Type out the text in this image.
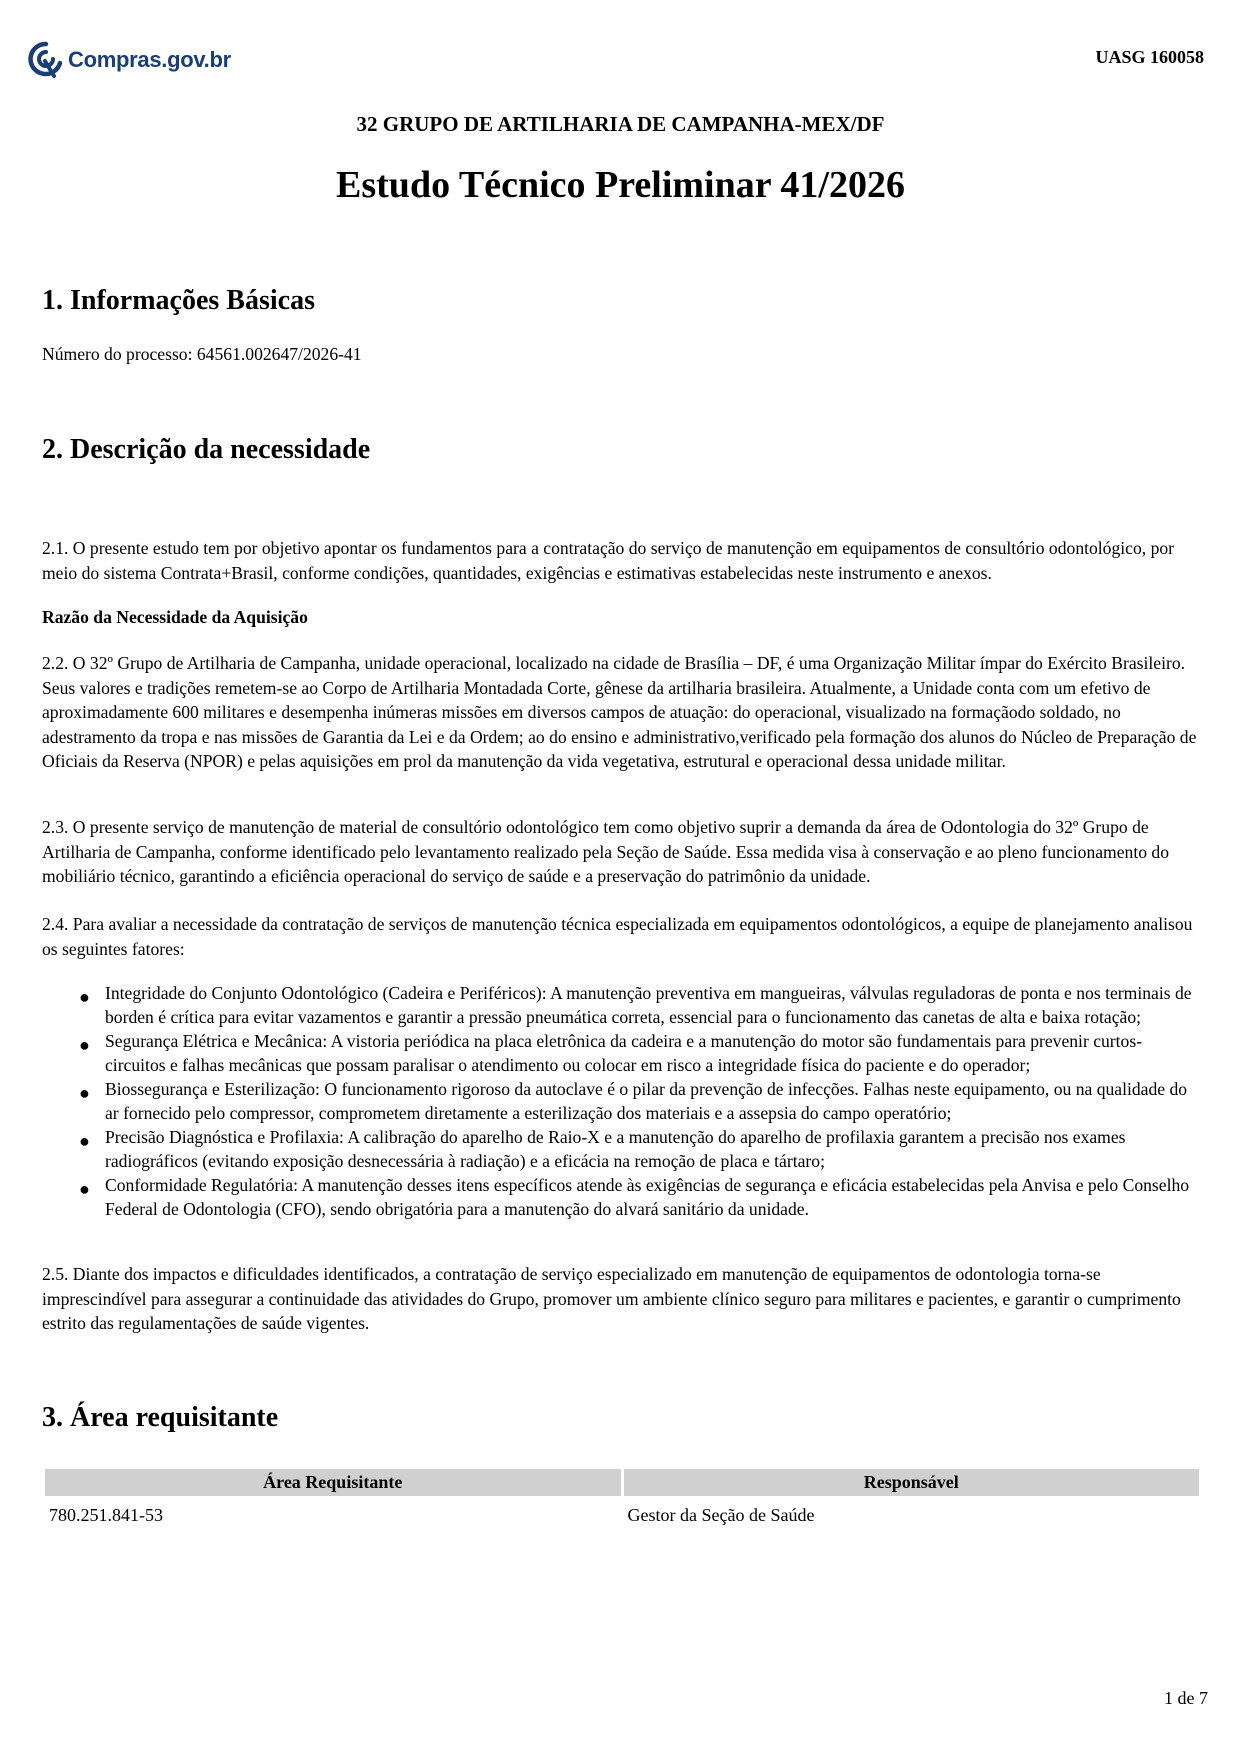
Compras.gov.br	UASG 160058
32 GRUPO DE ARTILHARIA DE CAMPANHA-MEX/DF
Estudo Técnico Preliminar 41/2026
1. Informações Básicas

Número do processo: 64561.002647/2026-41

2. Descrição da necessidade

2.1. O presente estudo tem por objetivo apontar os fundamentos para a contratação do serviço de manutenção em equipamentos de consultório odontológico, por meio do sistema Contrata+Brasil, conforme condições, quantidades, exigências e estimativas estabelecidas neste instrumento e anexos.

Razão da Necessidade da Aquisição

2.2. O 32º Grupo de Artilharia de Campanha, unidade operacional, localizado na cidade de Brasília – DF, é uma Organização Militar ímpar do Exército Brasileiro. Seus valores e tradições remetem-se ao Corpo de Artilharia Montadada Corte, gênese da artilharia brasileira. Atualmente, a Unidade conta com um efetivo de aproximadamente 600 militares e desempenha inúmeras missões em diversos campos de atuação: do operacional, visualizado na formaçãodo soldado, no adestramento da tropa e nas missões de Garantia da Lei e da Ordem; ao do ensino e administrativo,verificado pela formação dos alunos do Núcleo de Preparação de Oficiais da Reserva (NPOR) e pelas aquisições em prol da manutenção da vida vegetativa, estrutural e operacional dessa unidade militar.

2.3. O presente serviço de manutenção de material de consultório odontológico tem como objetivo suprir a demanda da área de Odontologia do 32º Grupo de Artilharia de Campanha, conforme identificado pelo levantamento realizado pela Seção de Saúde. Essa medida visa à conservação e ao pleno funcionamento do mobiliário técnico, garantindo a eficiência operacional do serviço de saúde e a preservação do patrimônio da unidade.

2.4. Para avaliar a necessidade da contratação de serviços de manutenção técnica especializada em equipamentos odontológicos, a equipe de planejamento analisou os seguintes fatores:

● Integridade do Conjunto Odontológico (Cadeira e Periféricos): A manutenção preventiva em mangueiras, válvulas reguladoras de ponta e nos terminais de borden é crítica para evitar vazamentos e garantir a pressão pneumática correta, essencial para o funcionamento das canetas de alta e baixa rotação;
● Segurança Elétrica e Mecânica: A vistoria periódica na placa eletrônica da cadeira e a manutenção do motor são fundamentais para prevenir curtos-circuitos e falhas mecânicas que possam paralisar o atendimento ou colocar em risco a integridade física do paciente e do operador;
● Biossegurança e Esterilização: O funcionamento rigoroso da autoclave é o pilar da prevenção de infecções. Falhas neste equipamento, ou na qualidade do ar fornecido pelo compressor, comprometem diretamente a esterilização dos materiais e a assepsia do campo operatório;
● Precisão Diagnóstica e Profilaxia: A calibração do aparelho de Raio-X e a manutenção do aparelho de profilaxia garantem a precisão nos exames radiográficos (evitando exposição desnecessária à radiação) e a eficácia na remoção de placa e tártaro;
● Conformidade Regulatória: A manutenção desses itens específicos atende às exigências de segurança e eficácia estabelecidas pela Anvisa e pelo Conselho Federal de Odontologia (CFO), sendo obrigatória para a manutenção do alvará sanitário da unidade.

2.5. Diante dos impactos e dificuldades identificados, a contratação de serviço especializado em manutenção de equipamentos de odontologia torna-se imprescindível para assegurar a continuidade das atividades do Grupo, promover um ambiente clínico seguro para militares e pacientes, e garantir o cumprimento estrito das regulamentações de saúde vigentes.

3. Área requisitante
Área Requisitante	Responsável
780.251.841-53	Gestor da Seção de Saúde
1 de 7
